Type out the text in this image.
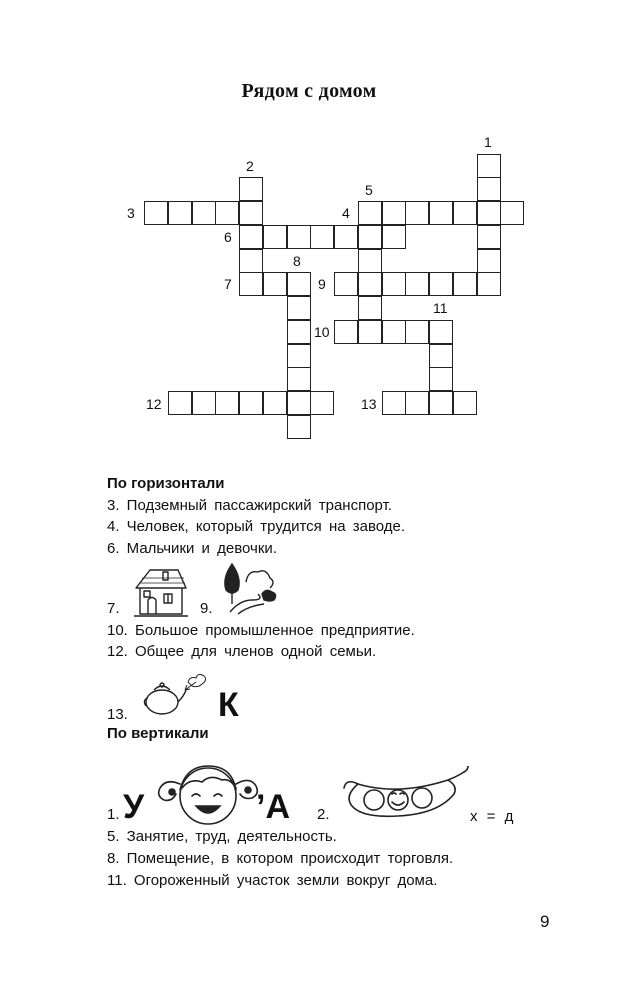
Рядом с домом
1
2
3	4
5
6
8
7	9
11
10
12	13
По горизонтали
3. Подземный пассажирский транспорт.
4. Человек, который трудится на заводе.
6. Мальчики и девочки.
7.	9.
10. Большое промышленное предприятие.
12. Общее для членов одной семьи.
13.	К
По вертикали
1. У	’А 2.	х = д
5. Занятие, труд, деятельность.
8. Помещение, в котором происходит торговля.
11. Огороженный участок земли вокруг дома.
9
